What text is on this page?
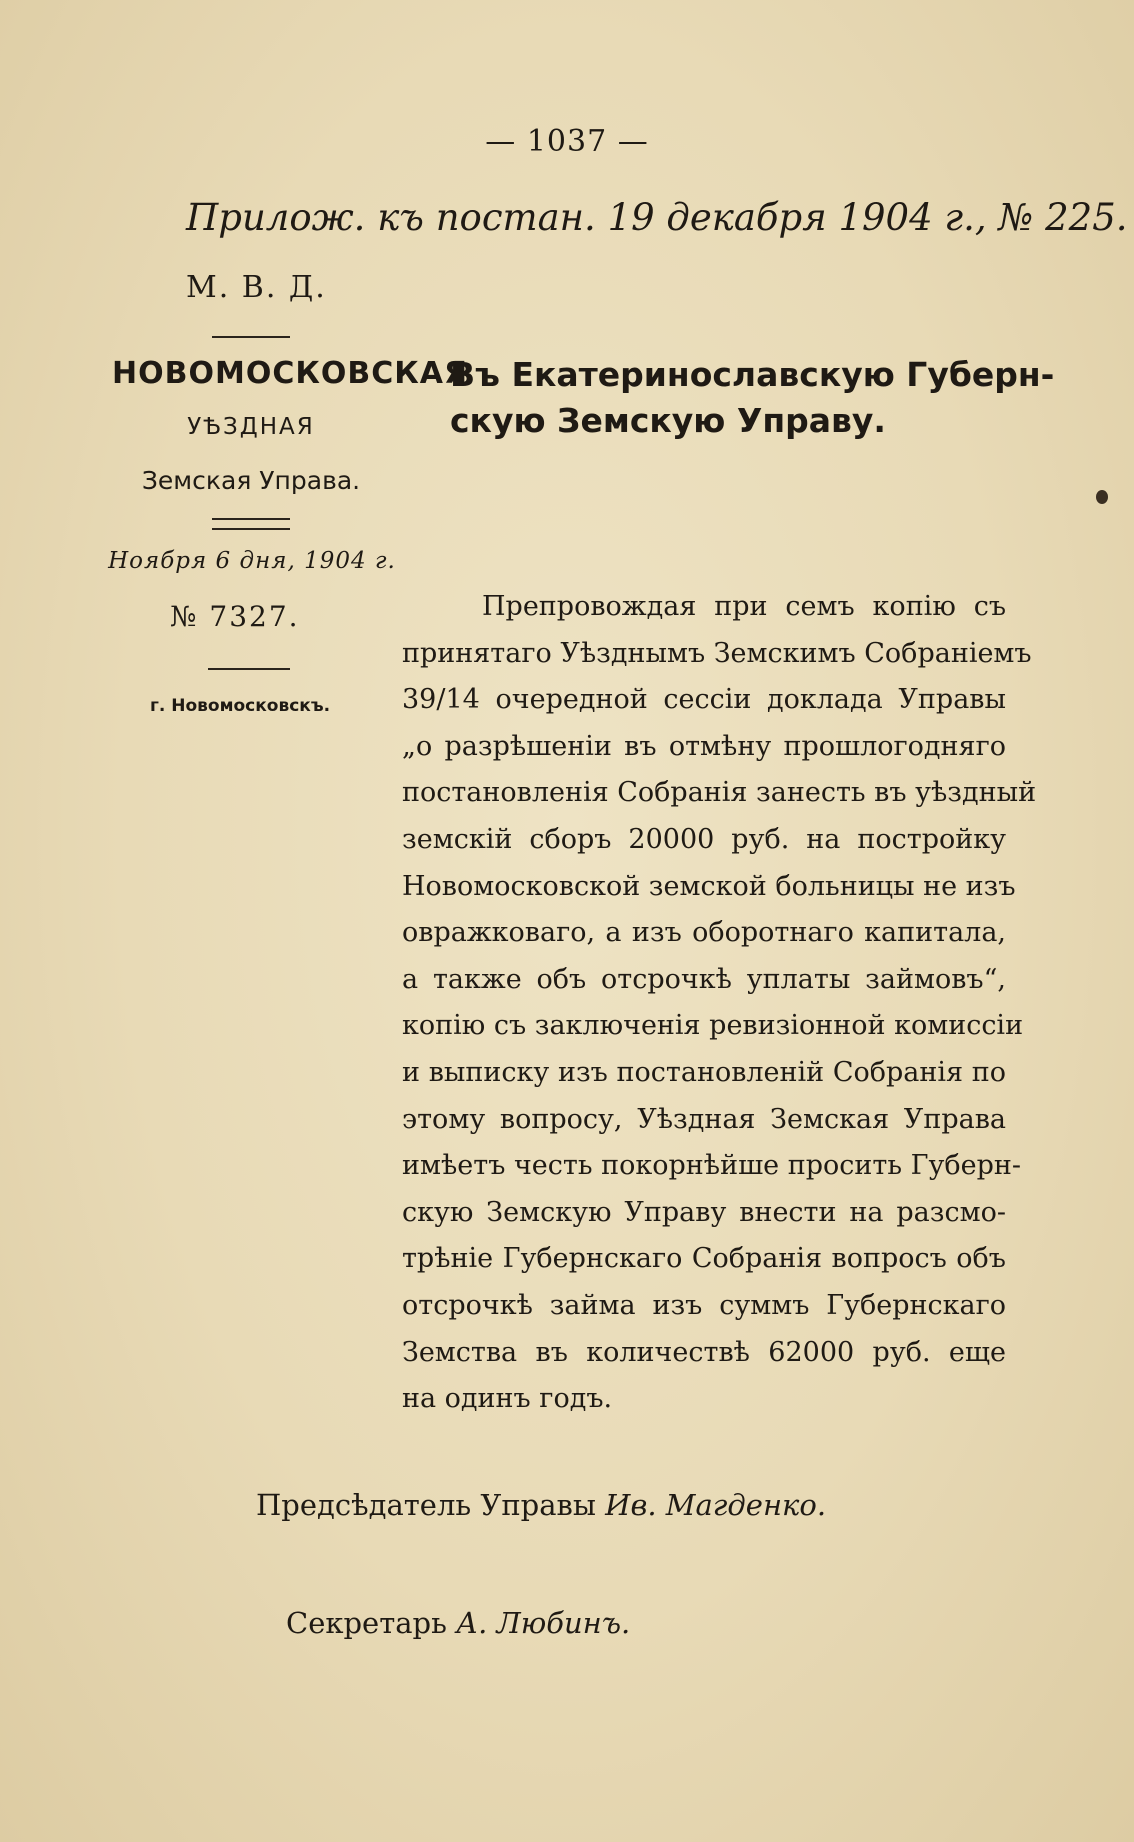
— 1037 —
Прилож. къ постан. 19 декабря 1904 г., № 225.
М. В. Д.
НОВОМОСКОВСКАЯ
УѢЗДНАЯ
Земская Управа.
Ноября 6 дня, 1904 г.
№ 7327.
г. Новомосковскъ.
Въ Екатеринославскую Губерн-
скую Земскую Управу.
Препровождая при семъ копію съ
принятаго Уѣзднымъ Земскимъ Собраніемъ
39/14 очередной сессіи доклада Управы
„о разрѣшеніи въ отмѣну прошлогодняго
постановленія Собранія занесть въ уѣздный
земскій сборъ 20000 руб. на постройку
Новомосковской земской больницы не изъ
овражковаго, а изъ оборотнаго капитала,
а также объ отсрочкѣ уплаты займовъ“,
копію съ заключенія ревизіонной комиссіи
и выписку изъ постановленій Собранія по
этому вопросу, Уѣздная Земская Управа
имѣетъ честь покорнѣйше просить Губерн-
скую Земскую Управу внести на разсмо-
трѣніе Губернскаго Собранія вопросъ объ
отсрочкѣ займа изъ суммъ Губернскаго
Земства въ количествѣ 62000 руб. еще
на одинъ годъ.
Предсѣдатель Управы Ив. Магденко.
Секретарь А. Любинъ.
